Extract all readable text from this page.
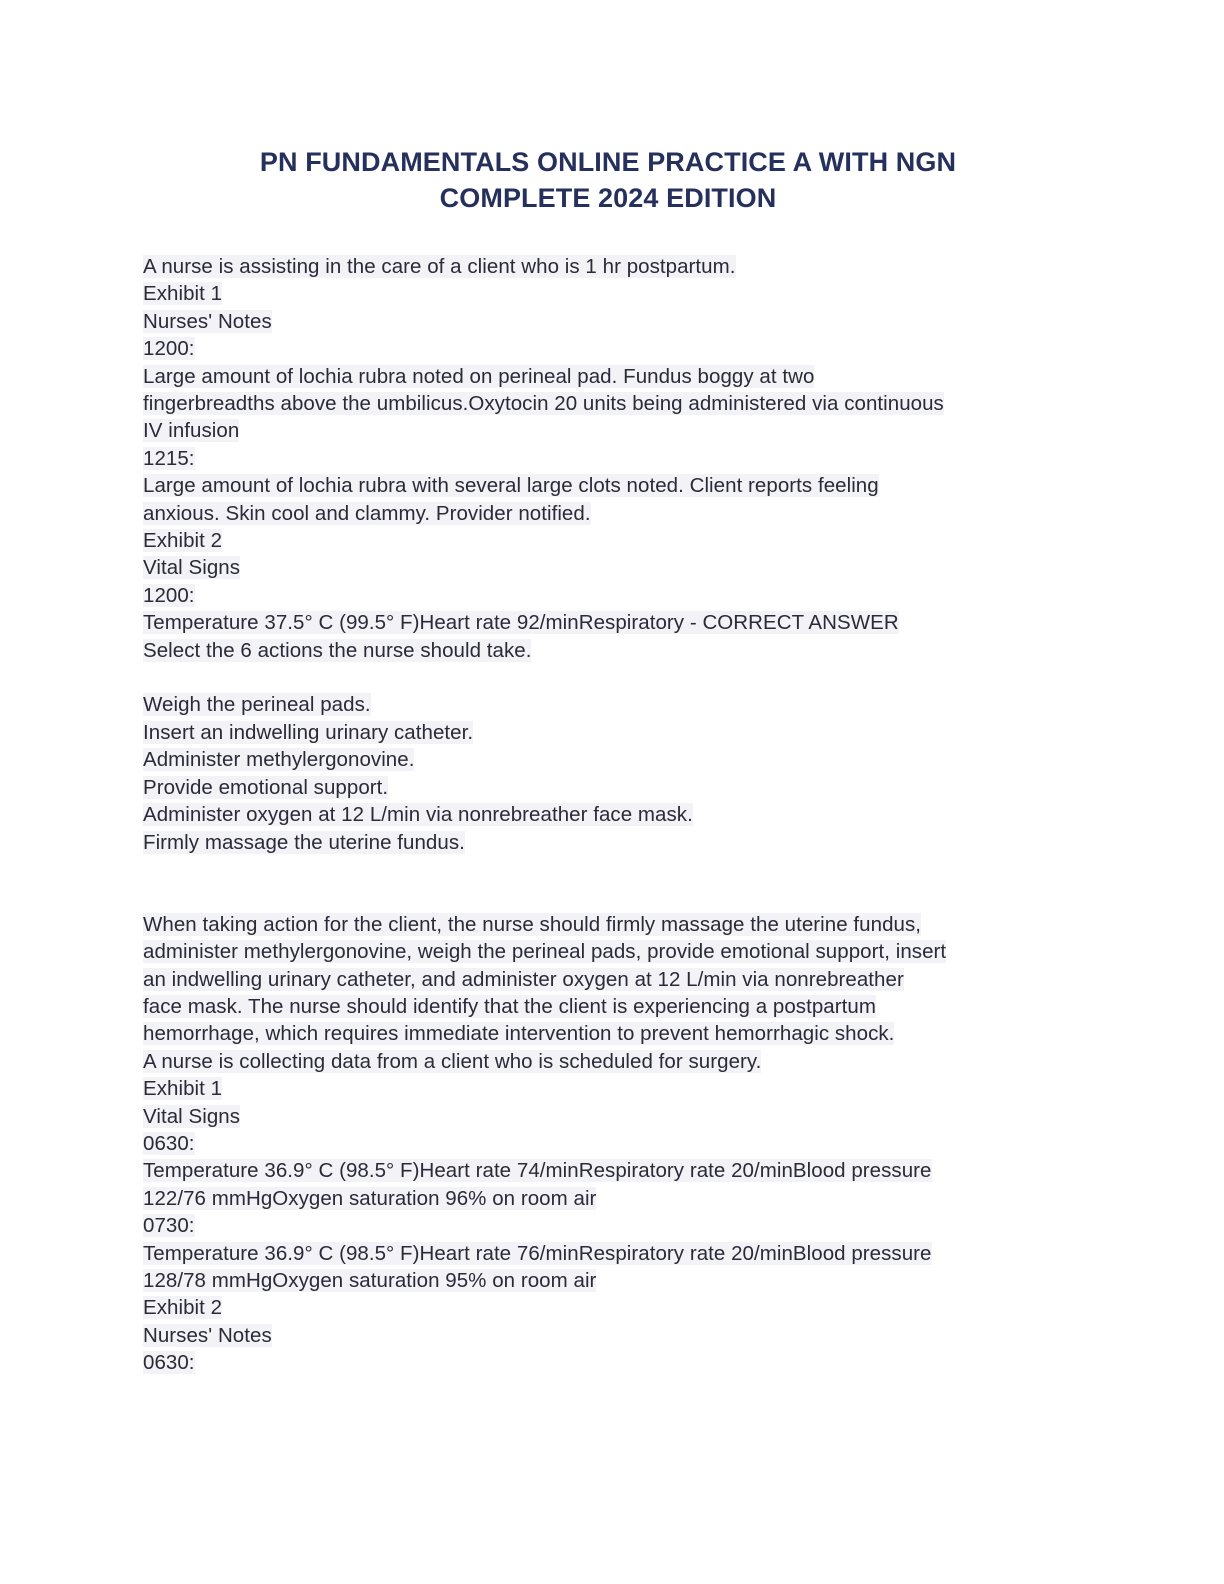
PN FUNDAMENTALS ONLINE PRACTICE A WITH NGN
COMPLETE 2024 EDITION
A nurse is assisting in the care of a client who is 1 hr postpartum.
Exhibit 1
Nurses' Notes
1200:
Large amount of lochia rubra noted on perineal pad. Fundus boggy at two
fingerbreadths above the umbilicus.Oxytocin 20 units being administered via continuous
IV infusion
1215:
Large amount of lochia rubra with several large clots noted. Client reports feeling
anxious. Skin cool and clammy. Provider notified.
Exhibit 2
Vital Signs
1200:
Temperature 37.5° C (99.5° F)Heart rate 92/minRespiratory - CORRECT ANSWER
Select the 6 actions the nurse should take.
Weigh the perineal pads.
Insert an indwelling urinary catheter.
Administer methylergonovine.
Provide emotional support.
Administer oxygen at 12 L/min via nonrebreather face mask.
Firmly massage the uterine fundus.
When taking action for the client, the nurse should firmly massage the uterine fundus,
administer methylergonovine, weigh the perineal pads, provide emotional support, insert
an indwelling urinary catheter, and administer oxygen at 12 L/min via nonrebreather
face mask. The nurse should identify that the client is experiencing a postpartum
hemorrhage, which requires immediate intervention to prevent hemorrhagic shock.
A nurse is collecting data from a client who is scheduled for surgery.
Exhibit 1
Vital Signs
0630:
Temperature 36.9° C (98.5° F)Heart rate 74/minRespiratory rate 20/minBlood pressure
122/76 mmHgOxygen saturation 96% on room air
0730:
Temperature 36.9° C (98.5° F)Heart rate 76/minRespiratory rate 20/minBlood pressure
128/78 mmHgOxygen saturation 95% on room air
Exhibit 2
Nurses' Notes
0630:
